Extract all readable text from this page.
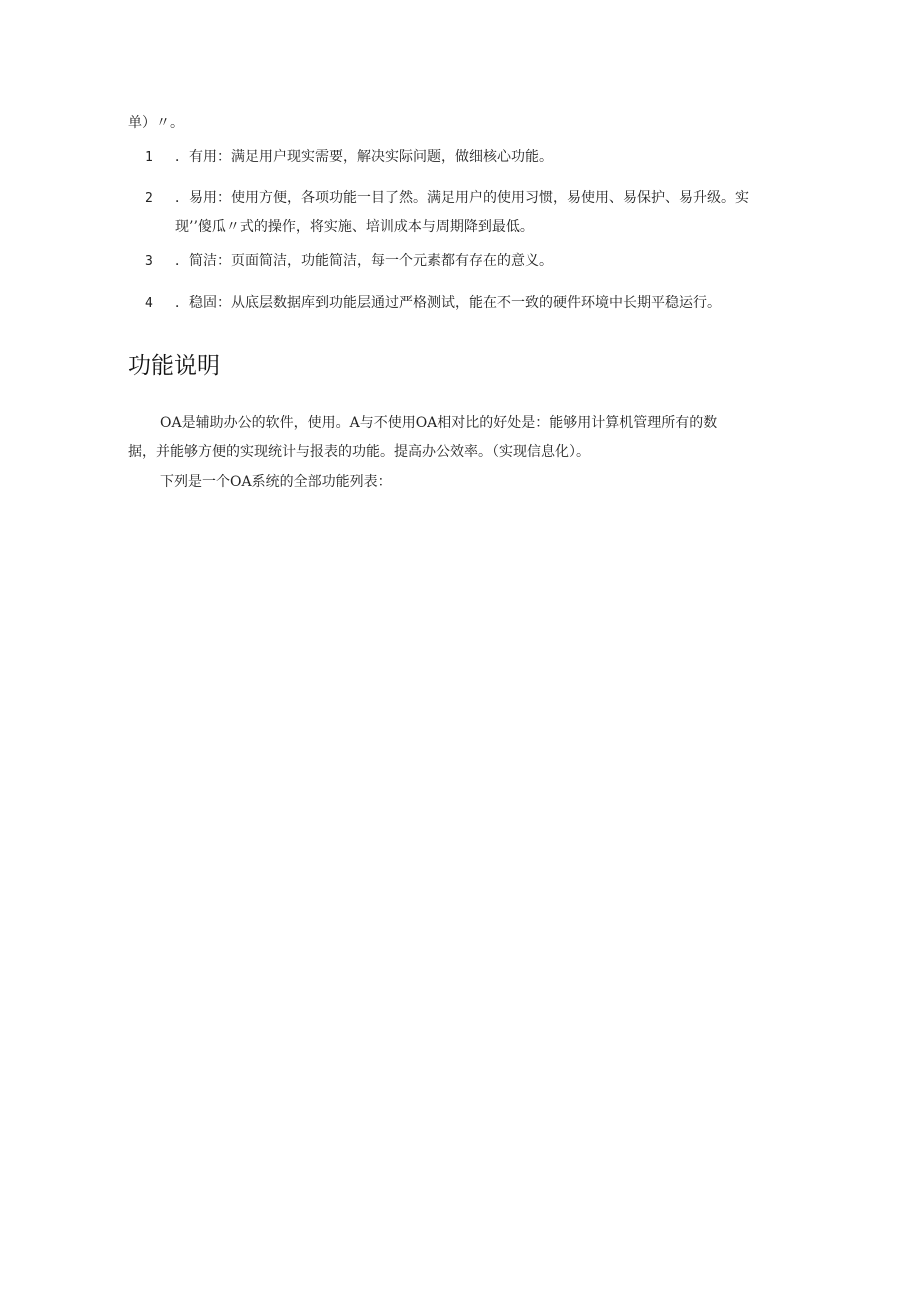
单）〃。
1 ．有用：满足用户现实需要，解决实际问题，做细核心功能。
2 ．易用：使用方便，各项功能一目了然。满足用户的使用习惯，易使用、易保护、易升级。实
现’’傻瓜〃式的操作，将实施、培训成本与周期降到最低。
3 ．简洁：页面简洁，功能简洁，每一个元素都有存在的意义。
4 ．稳固：从底层数据库到功能层通过严格测试，能在不一致的硬件环境中长期平稳运行。
功能说明
OA是辅助办公的软件，使用。A与不使用OA相对比的好处是：能够用计算机管理所有的数
据，并能够方便的实现统计与报表的功能。提高办公效率。（实现信息化）。
下列是一个OA系统的全部功能列表：
